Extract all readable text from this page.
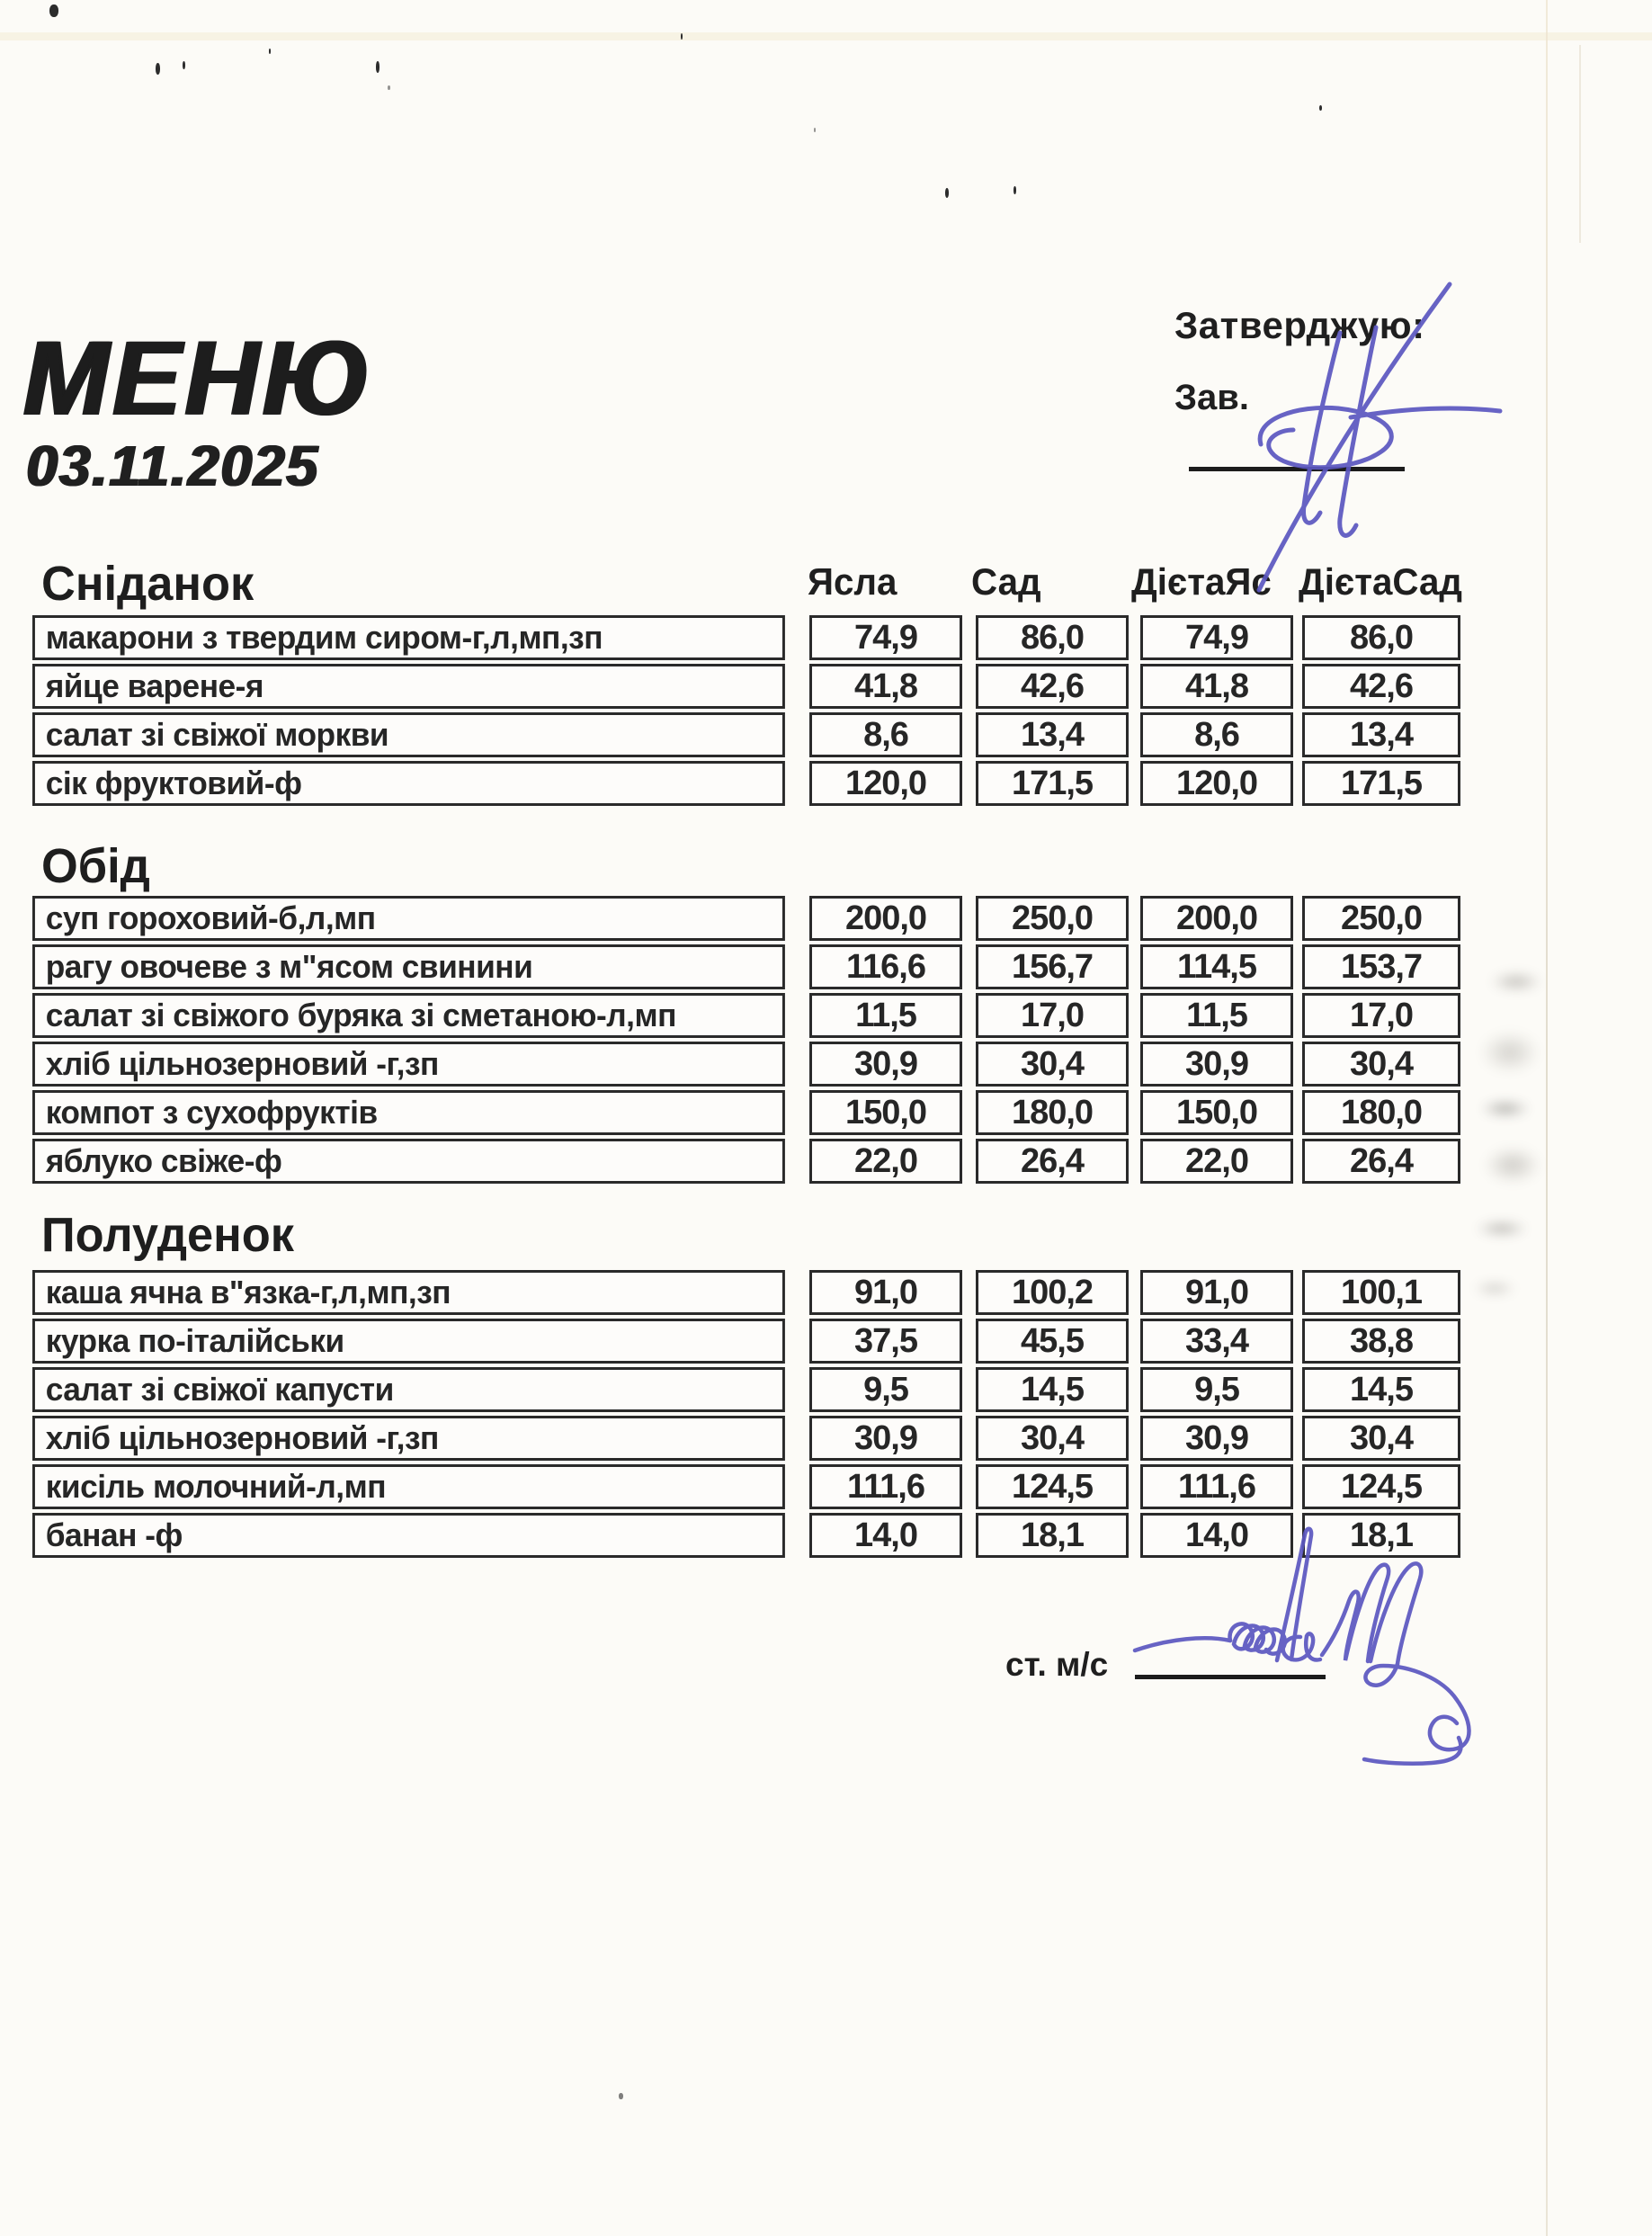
МЕНЮ
03.11.2025
Затверджую:
Зав.
Сніданок	Ясла Сад ДієтаЯс ДієтаСад
макарони з твердим сиром-г,л,мп,зп	74,9	86,0	74,9	86,0
яйце варене-я	41,8	42,6	41,8	42,6
салат зі свіжої моркви	8,6	13,4	8,6	13,4
сік фруктовий-ф	120,0	171,5	120,0	171,5
Обід
суп гороховий-б,л,мп	200,0	250,0	200,0	250,0
рагу овочеве з м"ясом свинини	116,6	156,7	114,5	153,7
салат зі свіжого буряка зі сметаною-л,мп	11,5	17,0	11,5	17,0
хліб цільнозерновий -г,зп	30,9	30,4	30,9	30,4
компот з сухофруктів	150,0	180,0	150,0	180,0
яблуко свіже-ф	22,0	26,4	22,0	26,4
Полуденок
каша ячна в"язка-г,л,мп,зп	91,0	100,2	91,0	100,1
курка по-італійськи	37,5	45,5	33,4	38,8
салат зі свіжої капусти	9,5	14,5	9,5	14,5
хліб цільнозерновий -г,зп	30,9	30,4	30,9	30,4
кисіль молочний-л,мп	111,6	124,5	111,6	124,5
банан -ф	14,0	18,1	14,0	18,1
ст. м/с
